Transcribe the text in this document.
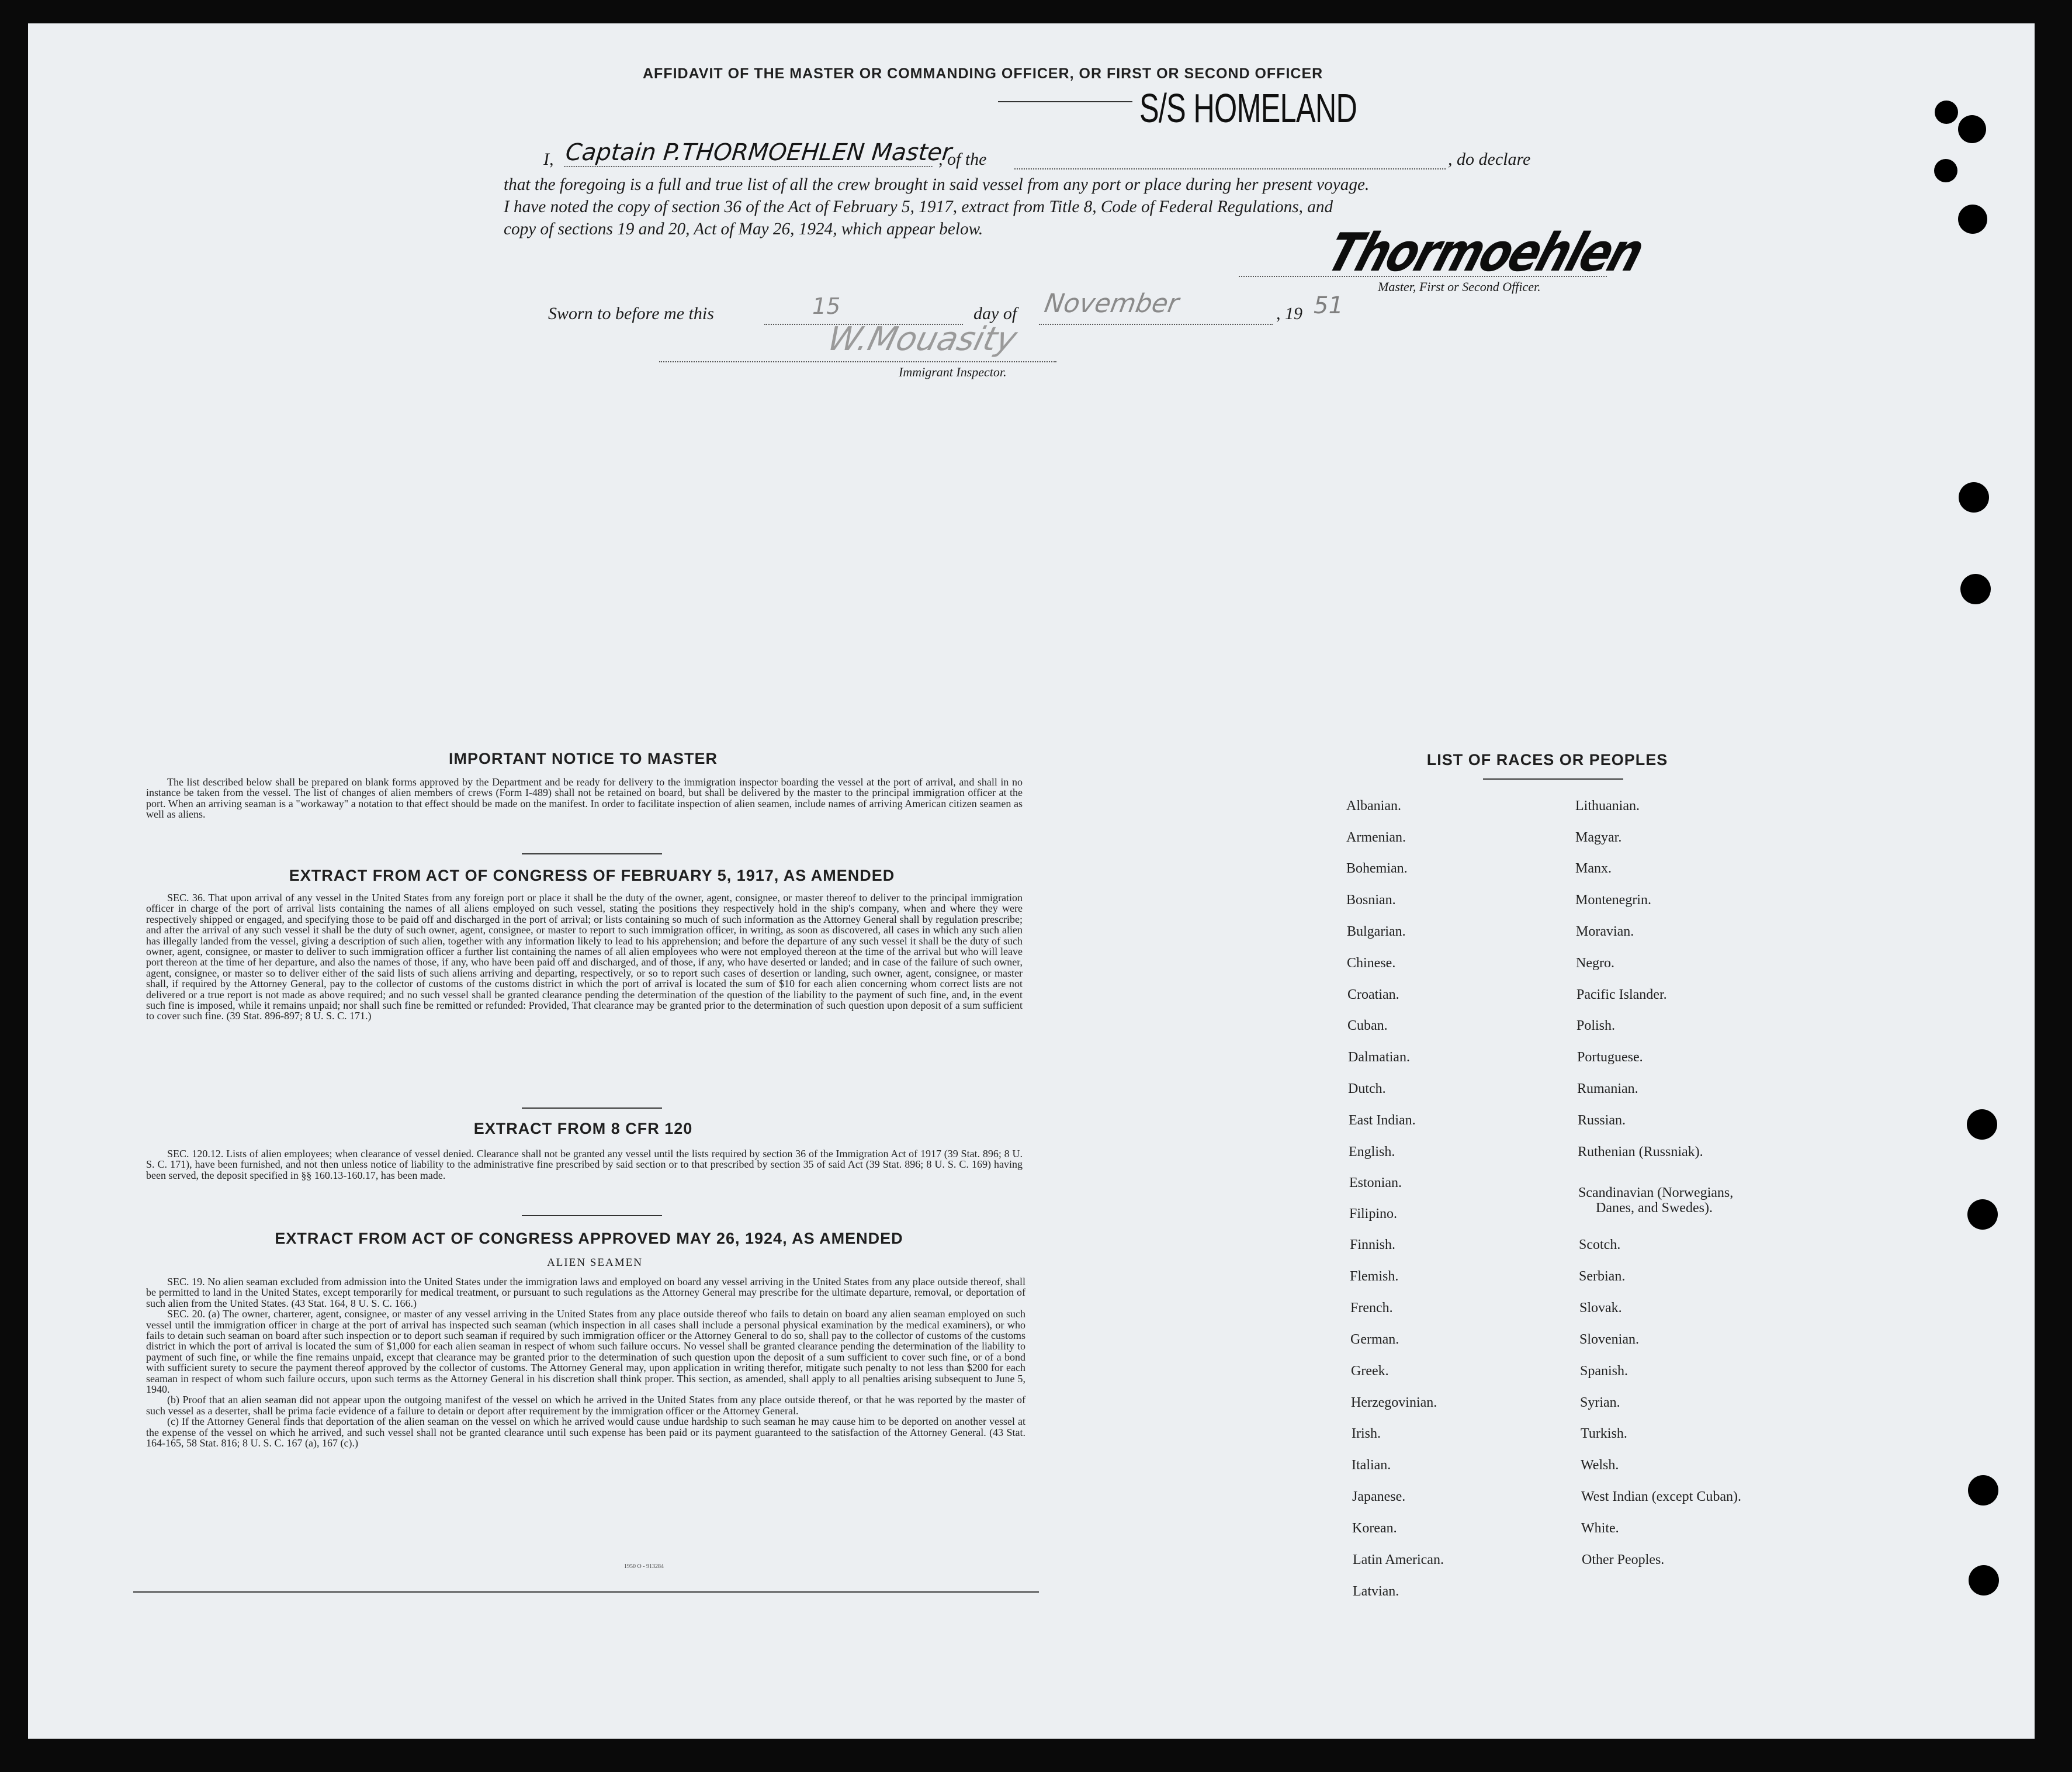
AFFIDAVIT OF THE MASTER OR COMMANDING OFFICER, OR FIRST OR SECOND OFFICER
S/S HOMELAND
I, Captain P.THORMOEHLEN Master
, of the	, do declare
that the foregoing is a full and true list of all the crew brought in said vessel from any port or place during her present voyage.
I have noted the copy of section 36 of the Act of February 5, 1917, extract from Title 8, Code of Federal Regulations, and
copy of sections 19 and 20, Act of May 26, 1924, which appear below.	Thormoehlen
Master, First or Second Officer.
Sworn to before me this	15	day of November	, 19 51
W.Mouasity
Immigrant Inspector.
IMPORTANT NOTICE TO MASTER

The list described below shall be prepared on blank forms approved by the Department and be ready for delivery to the immigration inspector boarding the vessel at the port of arrival, and shall in no instance be taken from the vessel. The list of changes of alien members of crews (Form I-489) shall not be retained on board, but shall be delivered by the master to the principal immigration officer at the port. When an arriving seaman is a "workaway" a notation to that effect should be made on the manifest. In order to facilitate inspection of alien seamen, include names of arriving American citizen seamen as well as aliens.

EXTRACT FROM ACT OF CONGRESS OF FEBRUARY 5, 1917, AS AMENDED

SEC. 36. That upon arrival of any vessel in the United States from any foreign port or place it shall be the duty of the owner, agent, consignee, or master thereof to deliver to the principal immigration officer in charge of the port of arrival lists containing the names of all aliens employed on such vessel, stating the positions they respectively hold in the ship's company, when and where they were respectively shipped or engaged, and specifying those to be paid off and discharged in the port of arrival; or lists containing so much of such information as the Attorney General shall by regulation prescribe; and after the arrival of any such vessel it shall be the duty of such owner, agent, consignee, or master to report to such immigration officer, in writing, as soon as discovered, all cases in which any such alien has illegally landed from the vessel, giving a description of such alien, together with any information likely to lead to his apprehension; and before the departure of any such vessel it shall be the duty of such owner, agent, consignee, or master to deliver to such immigration officer a further list containing the names of all alien employees who were not employed thereon at the time of the arrival but who will leave port thereon at the time of her departure, and also the names of those, if any, who have been paid off and discharged, and of those, if any, who have deserted or landed; and in case of the failure of such owner, agent, consignee, or master so to deliver either of the said lists of such aliens arriving and departing, respectively, or so to report such cases of desertion or landing, such owner, agent, consignee, or master shall, if required by the Attorney General, pay to the collector of customs of the customs district in which the port of arrival is located the sum of $10 for each alien concerning whom correct lists are not delivered or a true report is not made as above required; and no such vessel shall be granted clearance pending the determination of the question of the liability to the payment of such fine, and, in the event such fine is imposed, while it remains unpaid; nor shall such fine be remitted or refunded: Provided, That clearance may be granted prior to the determination of such question upon deposit of a sum sufficient to cover such fine. (39 Stat. 896-897; 8 U. S. C. 171.)

EXTRACT FROM 8 CFR 120

SEC. 120.12. Lists of alien employees; when clearance of vessel denied. Clearance shall not be granted any vessel until the lists required by section 36 of the Immigration Act of 1917 (39 Stat. 896; 8 U. S. C. 171), have been furnished, and not then unless notice of liability to the administrative fine prescribed by said section or to that prescribed by section 35 of said Act (39 Stat. 896; 8 U. S. C. 169) having been served, the deposit specified in §§ 160.13-160.17, has been made.

EXTRACT FROM ACT OF CONGRESS APPROVED MAY 26, 1924, AS AMENDED
ALIEN SEAMEN

SEC. 19. No alien seaman excluded from admission into the United States under the immigration laws and employed on board any vessel arriving in the United States from any place outside thereof, shall be permitted to land in the United States, except temporarily for medical treatment, or pursuant to such regulations as the Attorney General may prescribe for the ultimate departure, removal, or deportation of such alien from the United States. (43 Stat. 164, 8 U. S. C. 166.)

SEC. 20. (a) The owner, charterer, agent, consignee, or master of any vessel arriving in the United States from any place outside thereof who fails to detain on board any alien seaman employed on such vessel until the immigration officer in charge at the port of arrival has inspected such seaman (which inspection in all cases shall include a personal physical examination by the medical examiners), or who fails to detain such seaman on board after such inspection or to deport such seaman if required by such immigration officer or the Attorney General to do so, shall pay to the collector of customs of the customs district in which the port of arrival is located the sum of $1,000 for each alien seaman in respect of whom such failure occurs. No vessel shall be granted clearance pending the determination of the liability to payment of such fine, or while the fine remains unpaid, except that clearance may be granted prior to the determination of such question upon the deposit of a sum sufficient to cover such fine, or of a bond with sufficient surety to secure the payment thereof approved by the collector of customs. The Attorney General may, upon application in writing therefor, mitigate such penalty to not less than $200 for each seaman in respect of whom such failure occurs, upon such terms as the Attorney General in his discretion shall think proper. This section, as amended, shall apply to all penalties arising subsequent to June 5, 1940.

(b) Proof that an alien seaman did not appear upon the outgoing manifest of the vessel on which he arrived in the United States from any place outside thereof, or that he was reported by the master of such vessel as a deserter, shall be prima facie evidence of a failure to detain or deport after requirement by the immigration officer or the Attorney General.

(c) If the Attorney General finds that deportation of the alien seaman on the vessel on which he arrived would cause undue hardship to such seaman he may cause him to be deported on another vessel at the expense of the vessel on which he arrived, and such vessel shall not be granted clearance until such expense has been paid or its payment guaranteed to the satisfaction of the Attorney General. (43 Stat. 164-165, 58 Stat. 816; 8 U. S. C. 167 (a), 167 (c).)

1950 O - 913284
LIST OF RACES OR PEOPLES
Albanian.
Armenian.
Bohemian.
Bosnian.
Bulgarian.
Chinese.
Croatian.
Cuban.
Dalmatian.
Dutch.
East Indian.
English.
Estonian.
Filipino.
Finnish.
Flemish.
French.
German.
Greek.
Herzegovinian.
Irish.
Italian.
Japanese.
Korean.
Latin American.
Latvian.
Lithuanian.
Magyar.
Manx.
Montenegrin.
Moravian.
Negro.
Pacific Islander.
Polish.
Portuguese.
Rumanian.
Russian.
Ruthenian (Russniak).
Scandinavian (Norwegians,
Danes, and Swedes).
Scotch.
Serbian.
Slovak.
Slovenian.
Spanish.
Syrian.
Turkish.
Welsh.
West Indian (except Cuban).
White.
Other Peoples.
